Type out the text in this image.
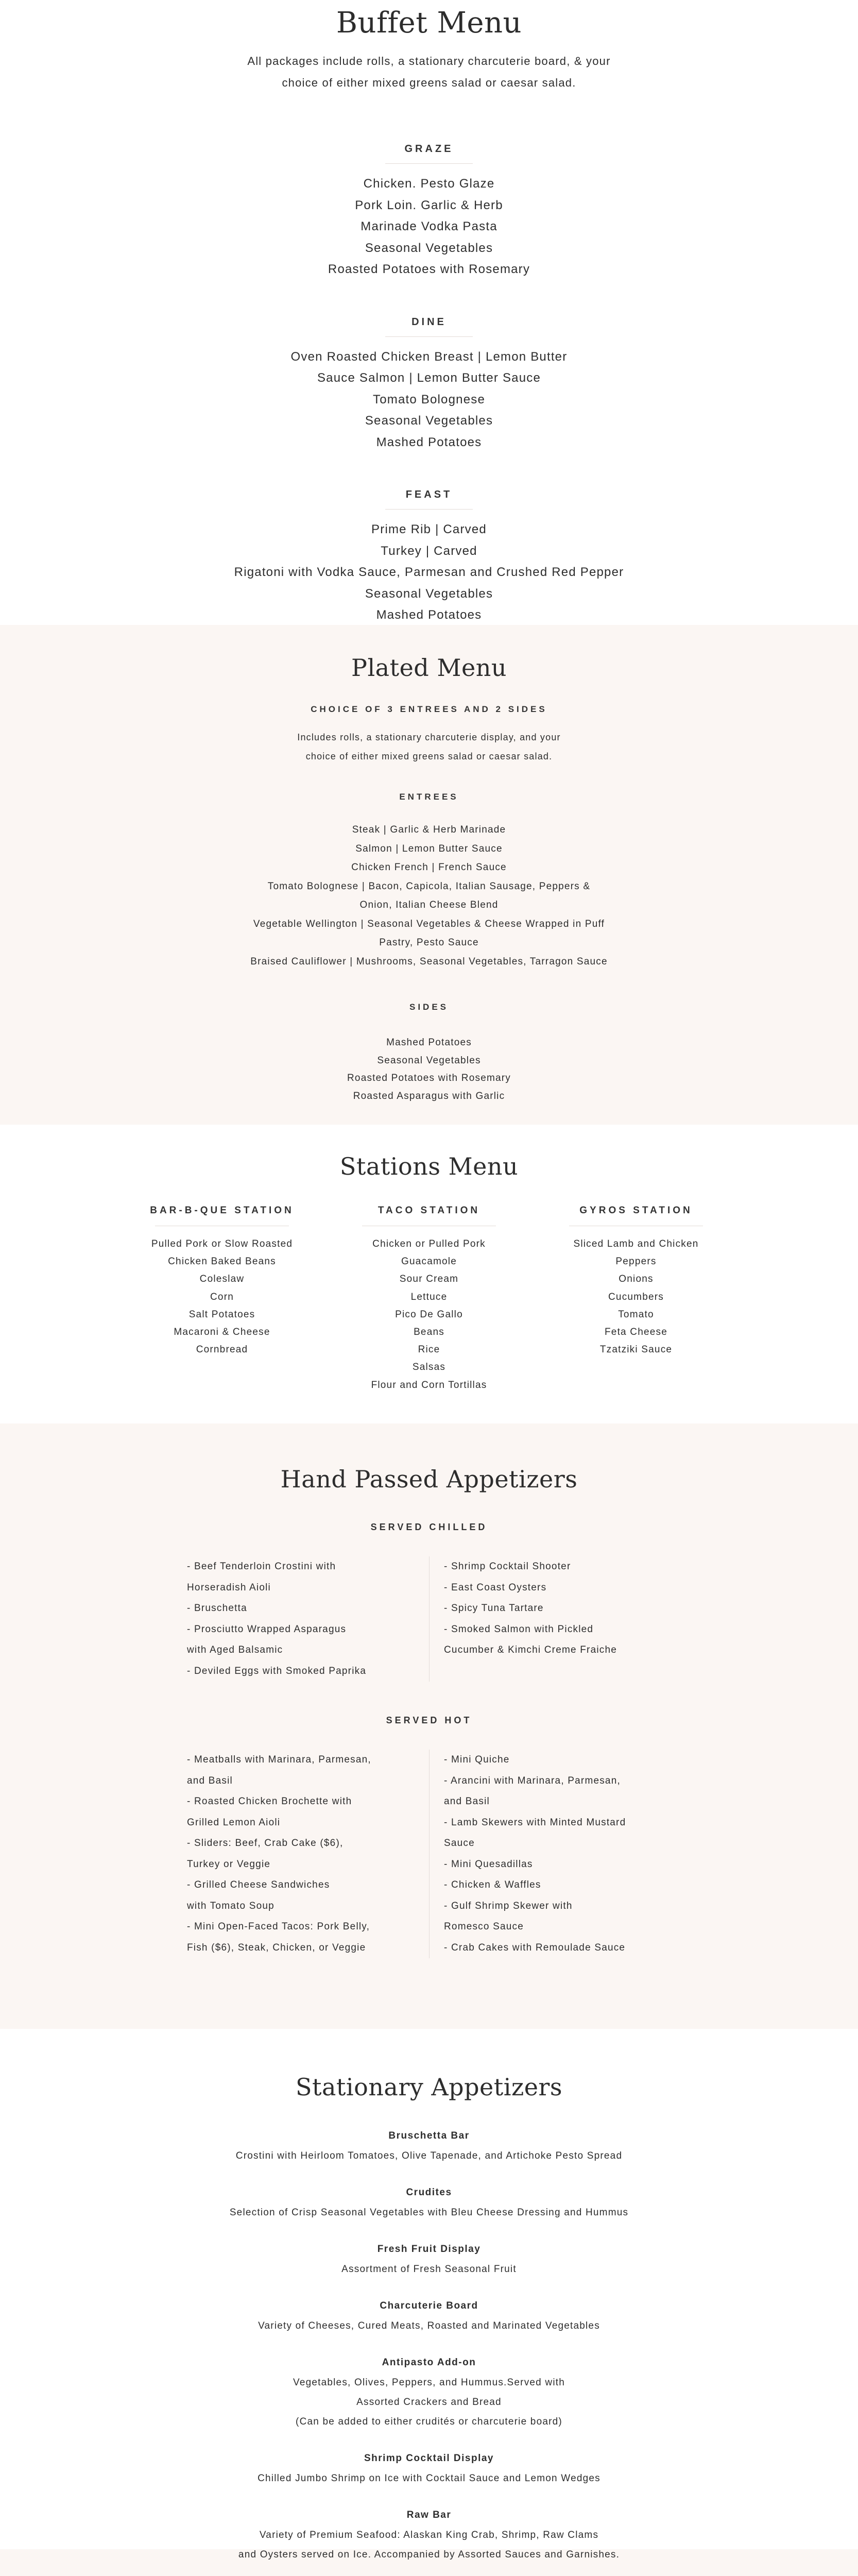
Buffet Menu
All packages include rolls, a stationary charcuterie board, & your
choice of either mixed greens salad or caesar salad.
GRAZE
Chicken. Pesto Glaze
Pork Loin. Garlic & Herb
Marinade Vodka Pasta
Seasonal Vegetables
Roasted Potatoes with Rosemary
DINE
Oven Roasted Chicken Breast | Lemon Butter
Sauce Salmon | Lemon Butter Sauce
Tomato Bolognese
Seasonal Vegetables
Mashed Potatoes
FEAST
Prime Rib | Carved
Turkey | Carved
Rigatoni with Vodka Sauce, Parmesan and Crushed Red Pepper
Seasonal Vegetables
Mashed Potatoes
Plated Menu
CHOICE OF 3 ENTREES AND 2 SIDES
Includes rolls, a stationary charcuterie display, and your
choice of either mixed greens salad or caesar salad.
ENTREES
Steak | Garlic & Herb Marinade
Salmon | Lemon Butter Sauce
Chicken French | French Sauce
Tomato Bolognese | Bacon, Capicola, Italian Sausage, Peppers &
Onion, Italian Cheese Blend
Vegetable Wellington | Seasonal Vegetables & Cheese Wrapped in Puff
Pastry, Pesto Sauce
Braised Cauliflower | Mushrooms, Seasonal Vegetables, Tarragon Sauce
SIDES
Mashed Potatoes
Seasonal Vegetables
Roasted Potatoes with Rosemary
Roasted Asparagus with Garlic
Stations Menu
BAR-B-QUE STATION
Pulled Pork or Slow Roasted
Chicken Baked Beans
Coleslaw
Corn
Salt Potatoes
Macaroni & Cheese
Cornbread
TACO STATION
Chicken or Pulled Pork
Guacamole
Sour Cream
Lettuce
Pico De Gallo
Beans
Rice
Salsas
Flour and Corn Tortillas
GYROS STATION
Sliced Lamb and Chicken
Peppers
Onions
Cucumbers
Tomato
Feta Cheese
Tzatziki Sauce
Hand Passed Appetizers
SERVED CHILLED
- Beef Tenderloin Crostini with
Horseradish Aioli
- Bruschetta
- Prosciutto Wrapped Asparagus
with Aged Balsamic
- Deviled Eggs with Smoked Paprika
- Shrimp Cocktail Shooter
- East Coast Oysters
- Spicy Tuna Tartare
- Smoked Salmon with Pickled
Cucumber & Kimchi Creme Fraiche
SERVED HOT
- Meatballs with Marinara, Parmesan,
and Basil
- Roasted Chicken Brochette with
Grilled Lemon Aioli
- Sliders: Beef, Crab Cake ($6),
Turkey or Veggie
- Grilled Cheese Sandwiches
with Tomato Soup
- Mini Open-Faced Tacos: Pork Belly,
Fish ($6), Steak, Chicken, or Veggie
- Mini Quiche
- Arancini with Marinara, Parmesan,
and Basil
- Lamb Skewers with Minted Mustard
Sauce
- Mini Quesadillas
- Chicken & Waffles
- Gulf Shrimp Skewer with
Romesco Sauce
- Crab Cakes with Remoulade Sauce
Stationary Appetizers
Bruschetta Bar
Crostini with Heirloom Tomatoes, Olive Tapenade, and Artichoke Pesto Spread
Crudites
Selection of Crisp Seasonal Vegetables with Bleu Cheese Dressing and Hummus
Fresh Fruit Display
Assortment of Fresh Seasonal Fruit
Charcuterie Board
Variety of Cheeses, Cured Meats, Roasted and Marinated Vegetables
Antipasto Add-on
Vegetables, Olives, Peppers, and Hummus.Served with
Assorted Crackers and Bread
(Can be added to either crudités or charcuterie board)
Shrimp Cocktail Display
Chilled Jumbo Shrimp on Ice with Cocktail Sauce and Lemon Wedges
Raw Bar
Variety of Premium Seafood: Alaskan King Crab, Shrimp, Raw Clams
and Oysters served on Ice. Accompanied by Assorted Sauces and Garnishes.
